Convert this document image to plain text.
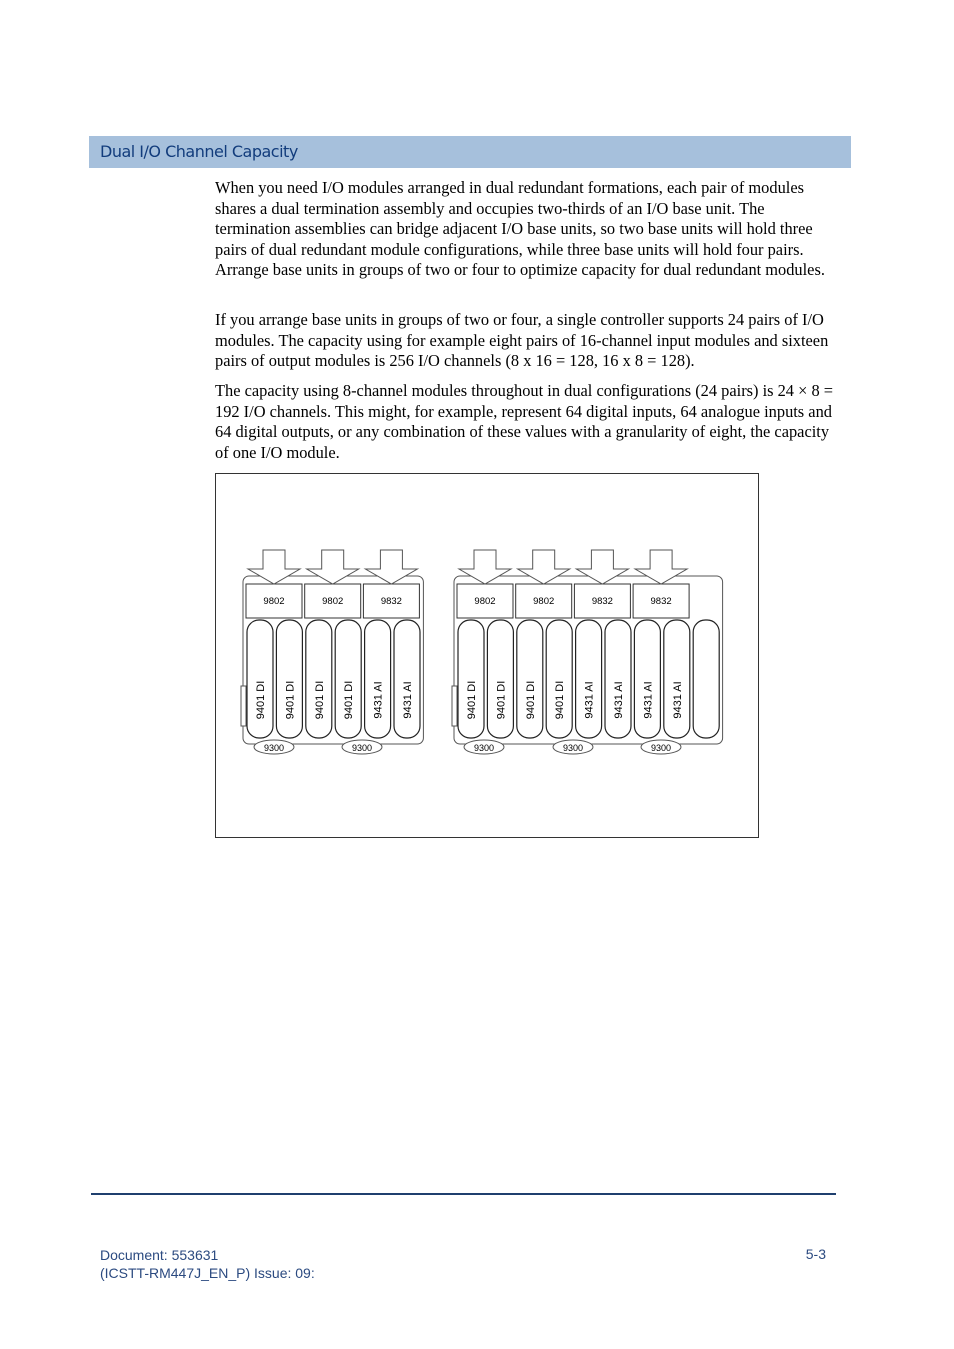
Dual I/O Channel Capacity

When you need I/O modules arranged in dual redundant formations, each pair of modules shares a dual termination assembly and occupies two-thirds of an I/O base unit. The termination assemblies can bridge adjacent I/O base units, so two base units will hold three pairs of dual redundant module configurations, while three base units will hold four pairs. Arrange base units in groups of two or four to optimize capacity for dual redundant modules.

If you arrange base units in groups of two or four, a single controller supports 24 pairs of I/O modules. The capacity using for example eight pairs of 16-channel input modules and sixteen pairs of output modules is 256 I/O channels (8 x 16 = 128, 16 x 8 = 128).

The capacity using 8-channel modules throughout in dual configurations (24 pairs) is 24 × 8 = 192 I/O channels. This might, for example, represent 64 digital inputs, 64 analogue inputs and 64 digital outputs, or any combination of these values with a granularity of eight, the capacity of one I/O module.

9802	9802	9832
9401 DI 9401 DI 9401 DI 9401 DI 9431 AI 9431 AI
9300	9300
9802	9802	9832	9832
9401 DI 9401 DI 9401 DI 9401 DI 9431 AI 9431 AI 9431 AI 9431 AI
9300	9300	9300
Document: 553631
(ICSTT-RM447J_EN_P) Issue: 09:
5-3
